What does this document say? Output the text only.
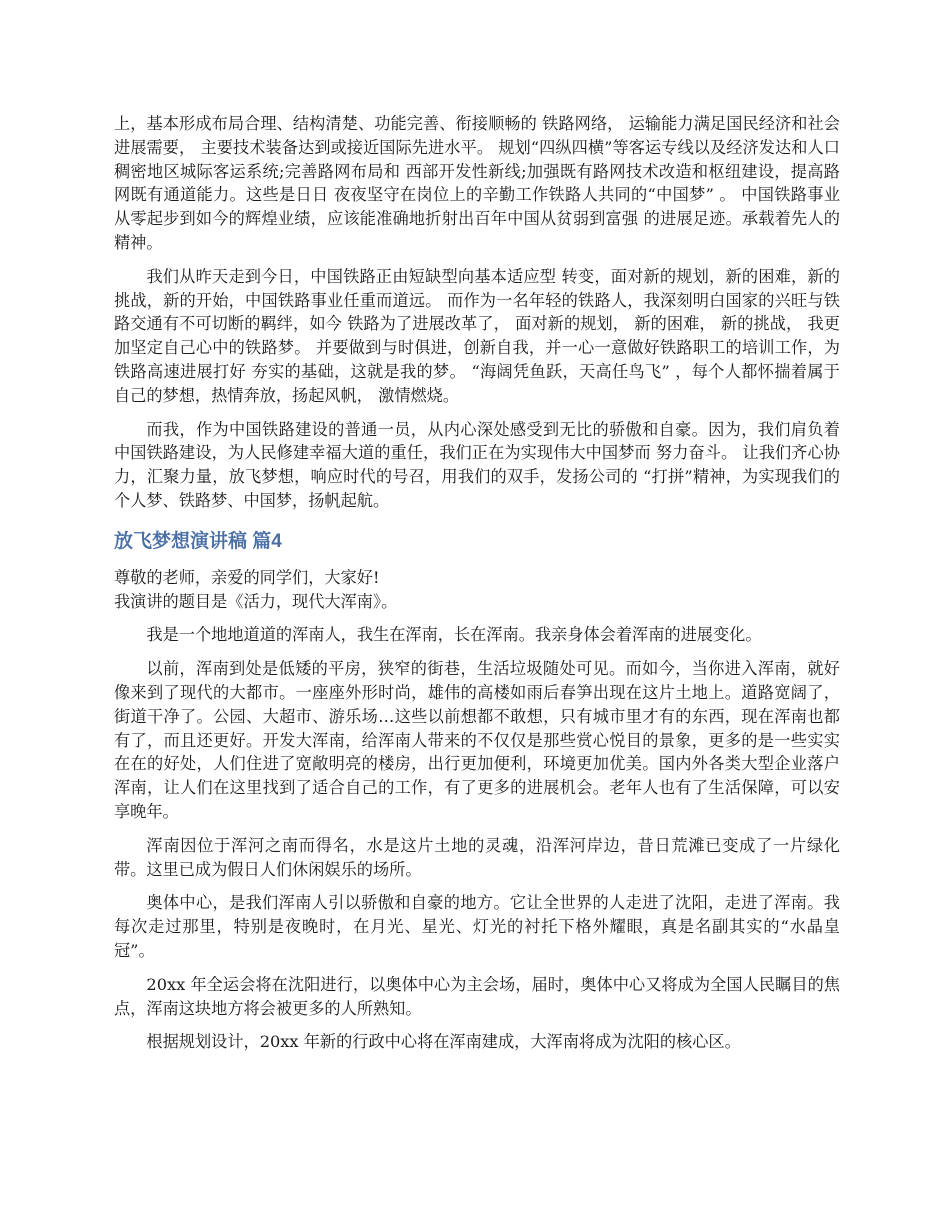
上，基本形成布局合理、结构清楚、功能完善、衔接顺畅的 铁路网络， 运输能力满足国民经济和社会进展需要， 主要技术装备达到或接近国际先进水平。 规划“四纵四横”等客运专线以及经济发达和人口稠密地区城际客运系统;完善路网布局和 西部开发性新线;加强既有路网技术改造和枢纽建设，提高路网既有通道能力。这些是日日 夜夜坚守在岗位上的辛勤工作铁路人共同的“中国梦” 。 中国铁路事业从零起步到如今的辉煌业绩，应该能准确地折射出百年中国从贫弱到富强 的进展足迹。承载着先人的精神。

我们从昨天走到今日，中国铁路正由短缺型向基本适应型 转变，面对新的规划，新的困难，新的挑战，新的开始，中国铁路事业任重而道远。 而作为一名年轻的铁路人，我深刻明白国家的兴旺与铁路交通有不可切断的羁绊，如今 铁路为了进展改革了， 面对新的规划， 新的困难， 新的挑战， 我更加坚定自己心中的铁路梦。 并要做到与时俱进，创新自我，并一心一意做好铁路职工的培训工作，为铁路高速进展打好 夯实的基础，这就是我的梦。 “海阔凭鱼跃，天高任鸟飞” ，每个人都怀揣着属于自己的梦想，热情奔放，扬起风帆， 激情燃烧。

而我，作为中国铁路建设的普通一员，从内心深处感受到无比的骄傲和自豪。因为，我们肩负着中国铁路建设，为人民修建幸福大道的重任，我们正在为实现伟大中国梦而 努力奋斗。 让我们齐心协力，汇聚力量，放飞梦想，响应时代的号召，用我们的双手，发扬公司的 “打拼”精神，为实现我们的个人梦、铁路梦、中国梦，扬帆起航。

放飞梦想演讲稿 篇4

尊敬的老师，亲爱的同学们，大家好!

我演讲的题目是《活力，现代大浑南》。

我是一个地地道道的浑南人，我生在浑南，长在浑南。我亲身体会着浑南的进展变化。

以前，浑南到处是低矮的平房，狭窄的街巷，生活垃圾随处可见。而如今，当你进入浑南，就好像来到了现代的大都市。一座座外形时尚，雄伟的高楼如雨后春笋出现在这片土地上。道路宽阔了，街道干净了。公园、大超市、游乐场…这些以前想都不敢想，只有城市里才有的东西，现在浑南也都有了，而且还更好。开发大浑南，给浑南人带来的不仅仅是那些赏心悦目的景象，更多的是一些实实在在的好处，人们住进了宽敞明亮的楼房，出行更加便利，环境更加优美。国内外各类大型企业落户浑南，让人们在这里找到了适合自己的工作，有了更多的进展机会。老年人也有了生活保障，可以安享晚年。

浑南因位于浑河之南而得名，水是这片土地的灵魂，沿浑河岸边，昔日荒滩已变成了一片绿化带。这里已成为假日人们休闲娱乐的场所。

奥体中心，是我们浑南人引以骄傲和自豪的地方。它让全世界的人走进了沈阳，走进了浑南。我每次走过那里，特别是夜晚时，在月光、星光、灯光的衬托下格外耀眼，真是名副其实的“水晶皇冠”。

20xx 年全运会将在沈阳进行，以奥体中心为主会场，届时，奥体中心又将成为全国人民瞩目的焦点，浑南这块地方将会被更多的人所熟知。

根据规划设计，20xx 年新的行政中心将在浑南建成，大浑南将成为沈阳的核心区。
